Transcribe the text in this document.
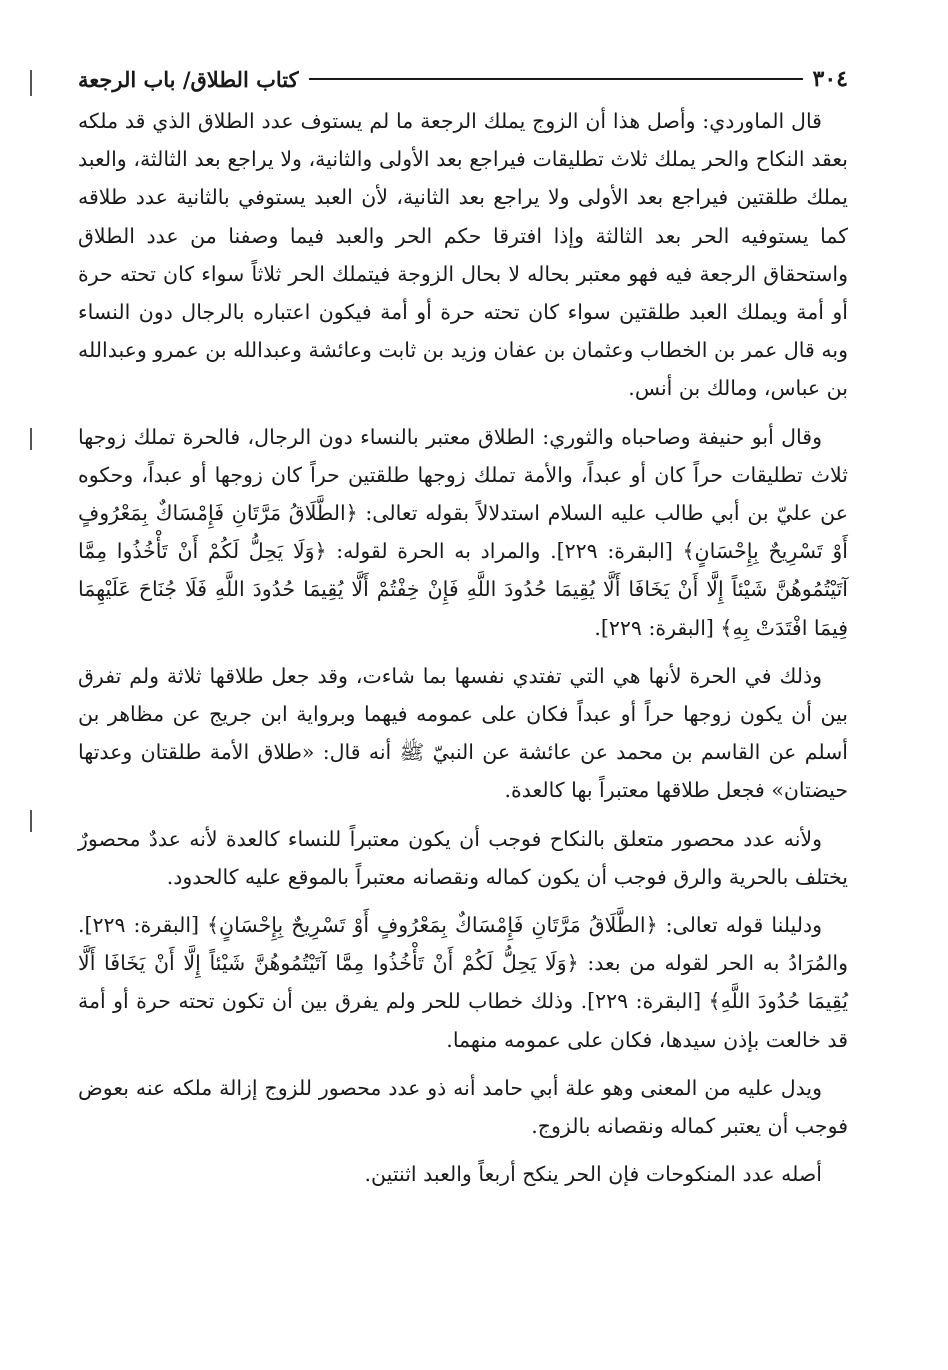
٣٠٤
كتاب الطلاق/ باب الرجعة

قال الماوردي: وأصل هذا أن الزوج يملك الرجعة ما لم يستوف عدد الطلاق الذي قد ملكه بعقد النكاح والحر يملك ثلاث تطليقات فيراجع بعد الأولى والثانية، ولا يراجع بعد الثالثة، والعبد يملك طلقتين فيراجع بعد الأولى ولا يراجع بعد الثانية، لأن العبد يستوفي بالثانية عدد طلاقه كما يستوفيه الحر بعد الثالثة وإذا افترقا حكم الحر والعبد فيما وصفنا من عدد الطلاق واستحقاق الرجعة فيه فهو معتبر بحاله لا بحال الزوجة فيتملك الحر ثلاثاً سواء كان تحته حرة أو أمة ويملك العبد طلقتين سواء كان تحته حرة أو أمة فيكون اعتباره بالرجال دون النساء وبه قال عمر بن الخطاب وعثمان بن عفان وزيد بن ثابت وعائشة وعبدالله بن عمرو وعبدالله بن عباس، ومالك بن أنس.

وقال أبو حنيفة وصاحباه والثوري: الطلاق معتبر بالنساء دون الرجال، فالحرة تملك زوجها ثلاث تطليقات حراً كان أو عبداً، والأمة تملك زوجها طلقتين حراً كان زوجها أو عبداً، وحكوه عن عليّ بن أبي طالب عليه السلام استدلالاً بقوله تعالى: ﴿الطَّلَاقُ مَرَّتَانِ فَإِمْسَاكٌ بِمَعْرُوفٍ أَوْ تَسْرِيحٌ بِإِحْسَانٍ﴾ [البقرة: ٢٢٩]. والمراد به الحرة لقوله: ﴿وَلَا يَحِلُّ لَكُمْ أَنْ تَأْخُذُوا مِمَّا آتَيْتُمُوهُنَّ شَيْئاً إِلَّا أَنْ يَخَافَا أَلَّا يُقِيمَا حُدُودَ اللَّهِ فَإِنْ خِفْتُمْ أَلَّا يُقِيمَا حُدُودَ اللَّهِ فَلَا جُنَاحَ عَلَيْهِمَا فِيمَا افْتَدَتْ بِهِ﴾ [البقرة: ٢٢٩].

وذلك في الحرة لأنها هي التي تفتدي نفسها بما شاءت، وقد جعل طلاقها ثلاثة ولم تفرق بين أن يكون زوجها حراً أو عبداً فكان على عمومه فيهما وبرواية ابن جريج عن مظاهر بن أسلم عن القاسم بن محمد عن عائشة عن النبيّ ﷺ أنه قال: «طلاق الأمة طلقتان وعدتها حيضتان» فجعل طلاقها معتبراً بها كالعدة.

ولأنه عدد محصور متعلق بالنكاح فوجب أن يكون معتبراً للنساء كالعدة لأنه عددٌ محصورٌ يختلف بالحرية والرق فوجب أن يكون كماله ونقصانه معتبراً بالموقع عليه كالحدود.

ودليلنا قوله تعالى: ﴿الطَّلَاقُ مَرَّتَانِ فَإِمْسَاكٌ بِمَعْرُوفٍ أَوْ تَسْرِيحٌ بِإِحْسَانٍ﴾ [البقرة: ٢٢٩]. والمُرَادُ به الحر لقوله من بعد: ﴿وَلَا يَحِلُّ لَكُمْ أَنْ تَأْخُذُوا مِمَّا آتَيْتُمُوهُنَّ شَيْئاً إِلَّا أَنْ يَخَافَا أَلَّا يُقِيمَا حُدُودَ اللَّهِ﴾ [البقرة: ٢٢٩]. وذلك خطاب للحر ولم يفرق بين أن تكون تحته حرة أو أمة قد خالعت بإذن سيدها، فكان على عمومه منهما.

ويدل عليه من المعنى وهو علة أبي حامد أنه ذو عدد محصور للزوج إزالة ملكه عنه بعوض فوجب أن يعتبر كماله ونقصانه بالزوج.

أصله عدد المنكوحات فإن الحر ينكح أربعاً والعبد اثنتين.
